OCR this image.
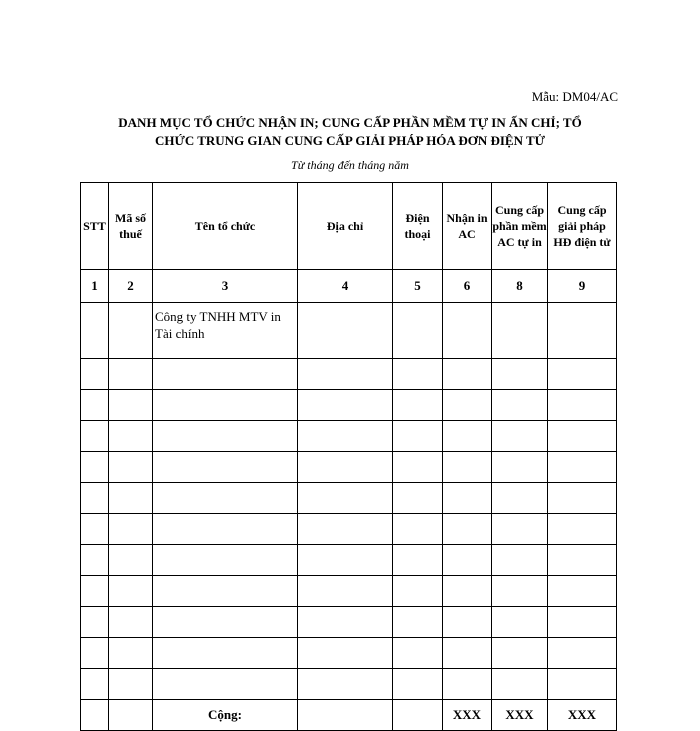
Mẫu: DM04/AC
DANH MỤC TỔ CHỨC NHẬN IN; CUNG CẤP PHẦN MỀM TỰ IN ẤN CHỈ; TỔ
CHỨC TRUNG GIAN CUNG CẤP GIẢI PHÁP HÓA ĐƠN ĐIỆN TỬ
Từ tháng đến tháng năm
STT	Mã số thuế	Tên tổ chức	Địa chỉ	Điện thoại	Nhận in AC	Cung cấp phần mềm AC tự in	Cung cấp giải pháp HĐ điện tử
1	2	3	4	5	6	8	9
		Công ty TNHH MTV in Tài chính					

		Cộng:			XXX	XXX	XXX
